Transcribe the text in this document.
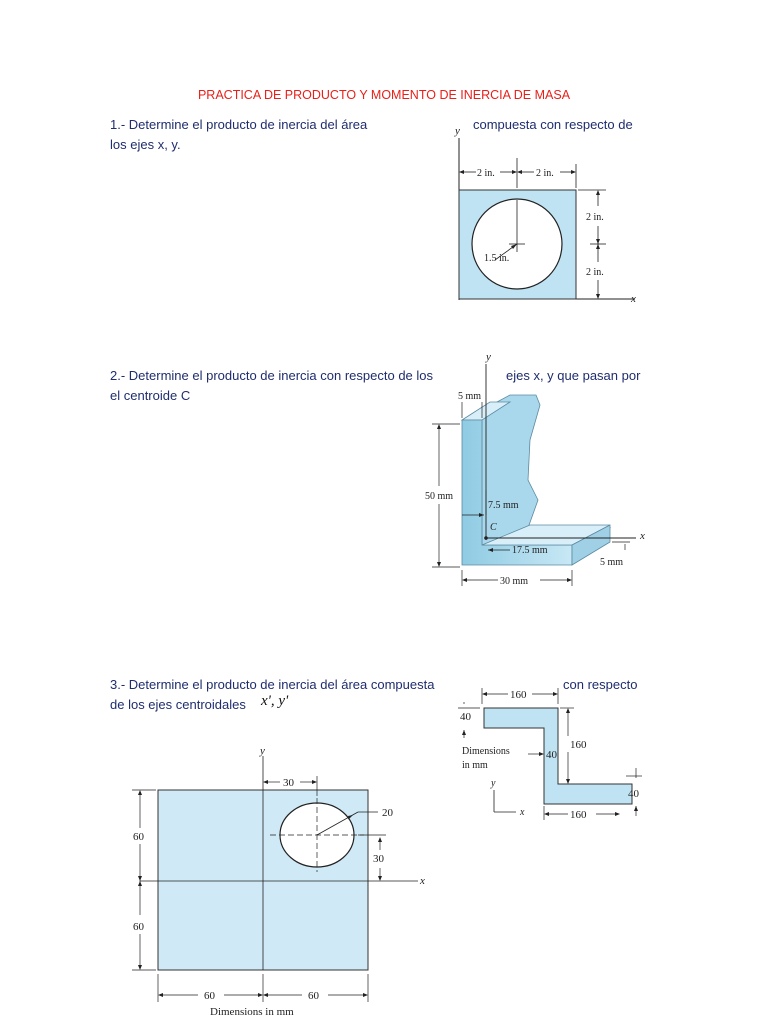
PRACTICA DE PRODUCTO Y MOMENTO DE INERCIA DE MASA
1.- Determine el producto de inercia del área	compuesta con respecto de
los ejes x, y.
y
x
1.5 in.
2 in.	2 in.
2 in.
2 in.
2.- Determine el producto de inercia con respecto de los	ejes x, y que pasan por
el centroide C
y
x
5 mm
50 mm
7.5 mm
C
17.5 mm
5 mm
30 mm
3.- Determine el producto de inercia del área compuesta	con respecto
de los ejes centroidales x', y'	160
40
40
160
40
160
Dimensions
in mm
y
x
y
x
20
30
30
60
60
60	60
Dimensions in mm
